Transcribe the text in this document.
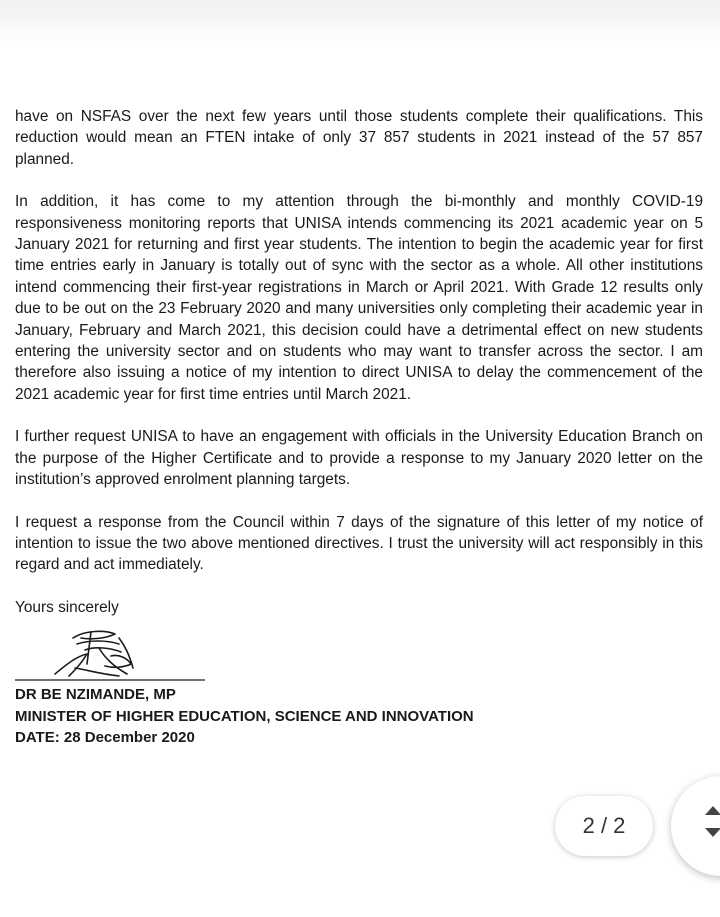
have on NSFAS over the next few years until those students complete their qualifications. This reduction would mean an FTEN intake of only 37 857 students in 2021 instead of the 57 857 planned.

In addition, it has come to my attention through the bi-monthly and monthly COVID-19 responsiveness monitoring reports that UNISA intends commencing its 2021 academic year on 5 January 2021 for returning and first year students. The intention to begin the academic year for first time entries early in January is totally out of sync with the sector as a whole. All other institutions intend commencing their first-year registrations in March or April 2021. With Grade 12 results only due to be out on the 23 February 2020 and many universities only completing their academic year in January, February and March 2021, this decision could have a detrimental effect on new students entering the university sector and on students who may want to transfer across the sector. I am therefore also issuing a notice of my intention to direct UNISA to delay the commencement of the 2021 academic year for first time entries until March 2021.

I further request UNISA to have an engagement with officials in the University Education Branch on the purpose of the Higher Certificate and to provide a response to my January 2020 letter on the institution’s approved enrolment planning targets.

I request a response from the Council within 7 days of the signature of this letter of my notice of intention to issue the two above mentioned directives. I trust the university will act responsibly in this regard and act immediately.

Yours sincerely

DR BE NZIMANDE, MP

MINISTER OF HIGHER EDUCATION, SCIENCE AND INNOVATION

DATE: 28 December 2020

2 / 2
